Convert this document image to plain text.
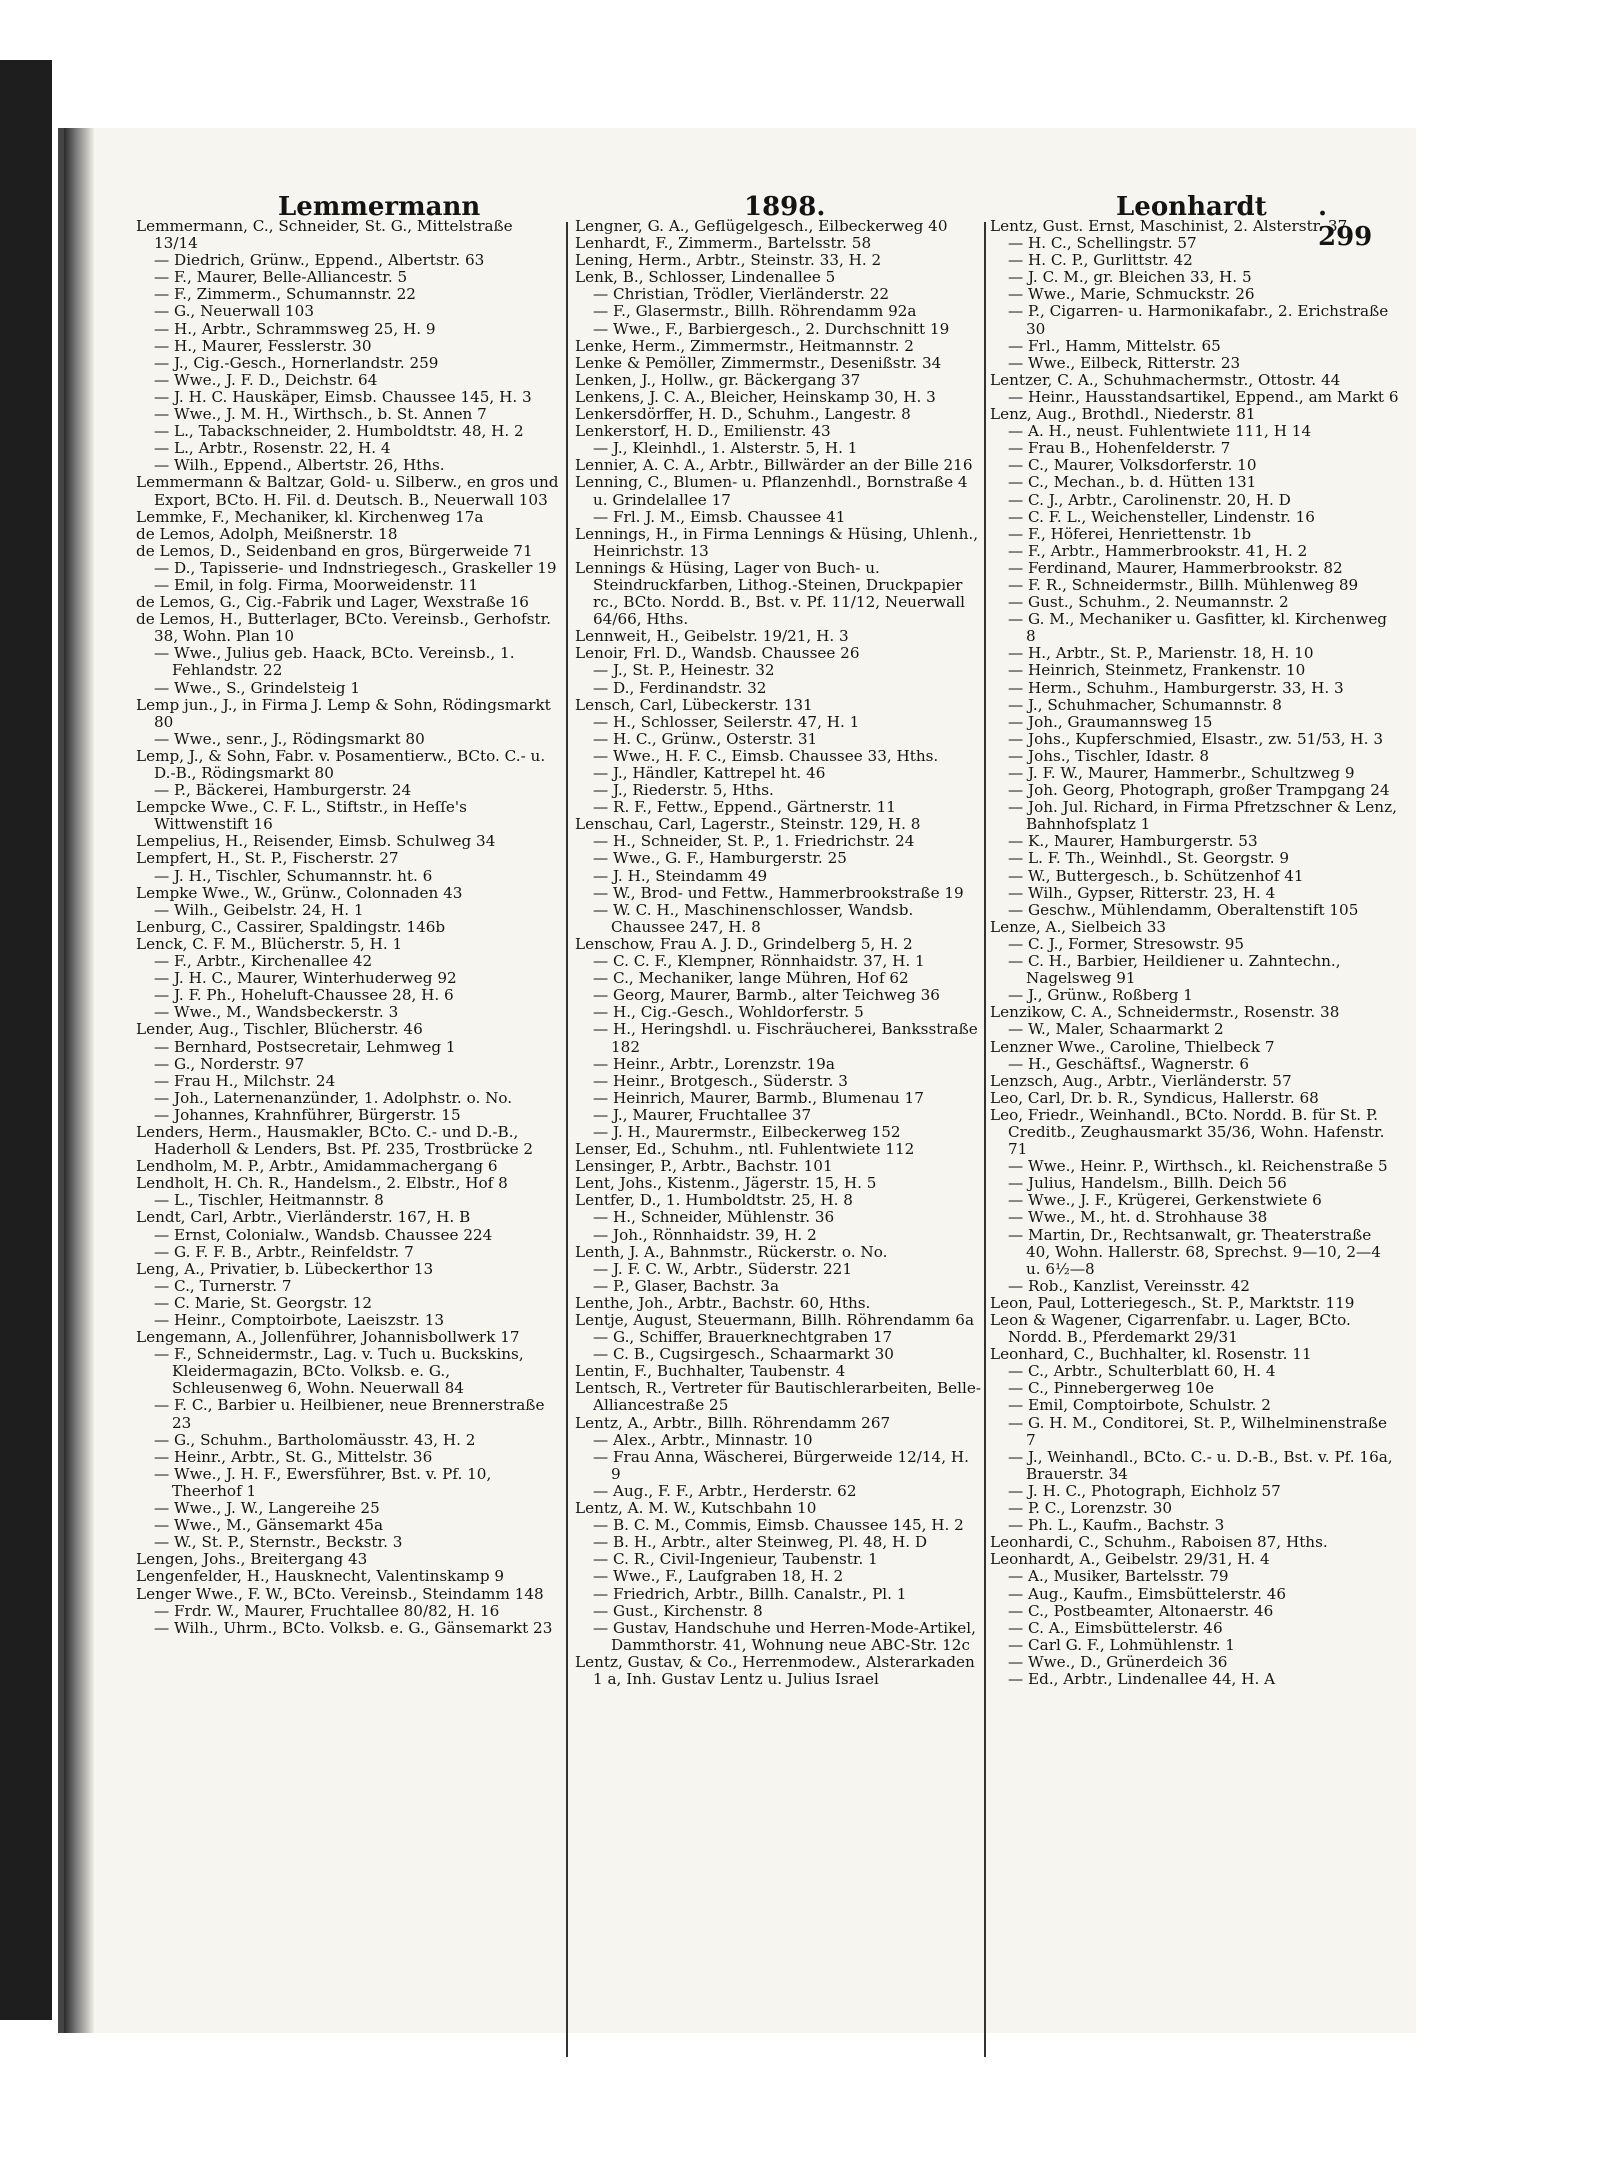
Lemmermann	1898.	Leonhardt . 299
Lemmermann, C., Schneider, St. G., Mittelstraße 13/14
— Diedrich, Grünw., Eppend., Albertstr. 63
— F., Maurer, Belle-Alliancestr. 5
— F., Zimmerm., Schumannstr. 22
— G., Neuerwall 103
— H., Arbtr., Schrammsweg 25, H. 9
— H., Maurer, Fesslerstr. 30
— J., Cig.-Gesch., Hornerlandstr. 259
— Wwe., J. F. D., Deichstr. 64
— J. H. C. Hauskäper, Eimsb. Chaussee 145, H. 3
— Wwe., J. M. H., Wirthsch., b. St. Annen 7
— L., Tabackschneider, 2. Humboldtstr. 48, H. 2
— L., Arbtr., Rosenstr. 22, H. 4
— Wilh., Eppend., Albertstr. 26, Hths.
Lemmermann & Baltzar, Gold- u. Silberw., en gros und Export, BCto. H. Fil. d. Deutsch. B., Neuerwall 103
Lemmke, F., Mechaniker, kl. Kirchenweg 17a
de Lemos, Adolph, Meißnerstr. 18
de Lemos, D., Seidenband en gros, Bürgerweide 71
— D., Tapisserie- und Indnstriegesch., Graskeller 19
— Emil, in folg. Firma, Moorweidenstr. 11
de Lemos, G., Cig.-Fabrik und Lager, Wexstraße 16
de Lemos, H., Butterlager, BCto. Vereinsb., Gerhofstr. 38, Wohn. Plan 10
— Wwe., Julius geb. Haack, BCto. Vereinsb., 1. Fehlandstr. 22
— Wwe., S., Grindelsteig 1
Lemp jun., J., in Firma J. Lemp & Sohn, Rödingsmarkt 80
— Wwe., senr., J., Rödingsmarkt 80
Lemp, J., & Sohn, Fabr. v. Posamentierw., BCto. C.- u. D.-B., Rödingsmarkt 80
— P., Bäckerei, Hamburgerstr. 24
Lempcke Wwe., C. F. L., Stiftstr., in Heſſe's Wittwenstift 16
Lempelius, H., Reisender, Eimsb. Schulweg 34
Lempfert, H., St. P., Fischerstr. 27
— J. H., Tischler, Schumannstr. ht. 6
Lempke Wwe., W., Grünw., Colonnaden 43
— Wilh., Geibelstr. 24, H. 1
Lenburg, C., Cassirer, Spaldingstr. 146b
Lenck, C. F. M., Blücherstr. 5, H. 1
— F., Arbtr., Kirchenallee 42
— J. H. C., Maurer, Winterhuderweg 92
— J. F. Ph., Hoheluft-Chaussee 28, H. 6
— Wwe., M., Wandsbeckerstr. 3
Lender, Aug., Tischler, Blücherstr. 46
— Bernhard, Postsecretair, Lehmweg 1
— G., Norderstr. 97
— Frau H., Milchstr. 24
— Joh., Laternenanzünder, 1. Adolphstr. o. No.
— Johannes, Krahnführer, Bürgerstr. 15
Lenders, Herm., Hausmakler, BCto. C.- und D.-B., Haderholl & Lenders, Bst. Pf. 235, Trostbrücke 2
Lendholm, M. P., Arbtr., Amidammachergang 6
Lendholt, H. Ch. R., Handelsm., 2. Elbstr., Hof 8
— L., Tischler, Heitmannstr. 8
Lendt, Carl, Arbtr., Vierländerstr. 167, H. B
— Ernst, Colonialw., Wandsb. Chaussee 224
— G. F. F. B., Arbtr., Reinfeldstr. 7
Leng, A., Privatier, b. Lübeckerthor 13
— C., Turnerstr. 7
— C. Marie, St. Georgstr. 12
— Heinr., Comptoirbote, Laeiszstr. 13
Lengemann, A., Jollenführer, Johannisbollwerk 17
— F., Schneidermstr., Lag. v. Tuch u. Buckskins, Kleidermagazin, BCto. Volksb. e. G., Schleusenweg 6, Wohn. Neuerwall 84
— F. C., Barbier u. Heilbiener, neue Brennerstraße 23
— G., Schuhm., Bartholomäusstr. 43, H. 2
— Heinr., Arbtr., St. G., Mittelstr. 36
— Wwe., J. H. F., Ewersführer, Bst. v. Pf. 10, Theerhof 1
— Wwe., J. W., Langereihe 25
— Wwe., M., Gänsemarkt 45a
— W., St. P., Sternstr., Beckstr. 3
Lengen, Johs., Breitergang 43
Lengenfelder, H., Hausknecht, Valentinskamp 9
Lenger Wwe., F. W., BCto. Vereinsb., Steindamm 148
— Frdr. W., Maurer, Fruchtallee 80/82, H. 16
— Wilh., Uhrm., BCto. Volksb. e. G., Gänsemarkt 23
Lengner, G. A., Geflügelgesch., Eilbeckerweg 40
Lenhardt, F., Zimmerm., Bartelsstr. 58
Lening, Herm., Arbtr., Steinstr. 33, H. 2
Lenk, B., Schlosser, Lindenallee 5
— Christian, Trödler, Vierländerstr. 22
— F., Glasermstr., Billh. Röhrendamm 92a
— Wwe., F., Barbiergesch., 2. Durchschnitt 19
Lenke, Herm., Zimmermstr., Heitmannstr. 2
Lenke & Pemöller, Zimmermstr., Desenißstr. 34
Lenken, J., Hollw., gr. Bäckergang 37
Lenkens, J. C. A., Bleicher, Heinskamp 30, H. 3
Lenkersdörffer, H. D., Schuhm., Langestr. 8
Lenkerstorf, H. D., Emilienstr. 43
— J., Kleinhdl., 1. Alsterstr. 5, H. 1
Lennier, A. C. A., Arbtr., Billwärder an der Bille 216
Lenning, C., Blumen- u. Pflanzenhdl., Bornstraße 4 u. Grindelallee 17
— Frl. J. M., Eimsb. Chaussee 41
Lennings, H., in Firma Lennings & Hüsing, Uhlenh., Heinrichstr. 13
Lennings & Hüsing, Lager von Buch- u. Steindruckfarben, Lithog.-Steinen, Druckpapier rc., BCto. Nordd. B., Bst. v. Pf. 11/12, Neuerwall 64/66, Hths.
Lennweit, H., Geibelstr. 19/21, H. 3
Lenoir, Frl. D., Wandsb. Chaussee 26
— J., St. P., Heinestr. 32
— D., Ferdinandstr. 32
Lensch, Carl, Lübeckerstr. 131
— H., Schlosser, Seilerstr. 47, H. 1
— H. C., Grünw., Osterstr. 31
— Wwe., H. F. C., Eimsb. Chaussee 33, Hths.
— J., Händler, Kattrepel ht. 46
— J., Riederstr. 5, Hths.
— R. F., Fettw., Eppend., Gärtnerstr. 11
Lenschau, Carl, Lagerstr., Steinstr. 129, H. 8
— H., Schneider, St. P., 1. Friedrichstr. 24
— Wwe., G. F., Hamburgerstr. 25
— J. H., Steindamm 49
— W., Brod- und Fettw., Hammerbrookstraße 19
— W. C. H., Maschinenschlosser, Wandsb. Chaussee 247, H. 8
Lenschow, Frau A. J. D., Grindelberg 5, H. 2
— C. C. F., Klempner, Rönnhaidstr. 37, H. 1
— C., Mechaniker, lange Mühren, Hof 62
— Georg, Maurer, Barmb., alter Teichweg 36
— H., Cig.-Gesch., Wohldorferstr. 5
— H., Heringshdl. u. Fischräucherei, Banksstraße 182
— Heinr., Arbtr., Lorenzstr. 19a
— Heinr., Brotgesch., Süderstr. 3
— Heinrich, Maurer, Barmb., Blumenau 17
— J., Maurer, Fruchtallee 37
— J. H., Maurermstr., Eilbeckerweg 152
Lenser, Ed., Schuhm., ntl. Fuhlentwiete 112
Lensinger, P., Arbtr., Bachstr. 101
Lent, Johs., Kistenm., Jägerstr. 15, H. 5
Lentfer, D., 1. Humboldtstr. 25, H. 8
— H., Schneider, Mühlenstr. 36
— Joh., Rönnhaidstr. 39, H. 2
Lenth, J. A., Bahnmstr., Rückerstr. o. No.
— J. F. C. W., Arbtr., Süderstr. 221
— P., Glaser, Bachstr. 3a
Lenthe, Joh., Arbtr., Bachstr. 60, Hths.
Lentje, August, Steuermann, Billh. Röhrendamm 6a
— G., Schiffer, Brauerknechtgraben 17
— C. B., Cugsirgesch., Schaarmarkt 30
Lentin, F., Buchhalter, Taubenstr. 4
Lentsch, R., Vertreter für Bautischlerarbeiten, Belle-Alliancestraße 25
Lentz, A., Arbtr., Billh. Röhrendamm 267
— Alex., Arbtr., Minnastr. 10
— Frau Anna, Wäscherei, Bürgerweide 12/14, H. 9
— Aug., F. F., Arbtr., Herderstr. 62
Lentz, A. M. W., Kutschbahn 10
— B. C. M., Commis, Eimsb. Chaussee 145, H. 2
— B. H., Arbtr., alter Steinweg, Pl. 48, H. D
— C. R., Civil-Ingenieur, Taubenstr. 1
— Wwe., F., Laufgraben 18, H. 2
— Friedrich, Arbtr., Billh. Canalstr., Pl. 1
— Gust., Kirchenstr. 8
— Gustav, Handschuhe und Herren-Mode-Artikel, Dammthorstr. 41, Wohnung neue ABC-Str. 12c
Lentz, Gustav, & Co., Herrenmodew., Alsterarkaden 1 a, Inh. Gustav Lentz u. Julius Israel
Lentz, Gust. Ernst, Maschinist, 2. Alsterstr. 37
— H. C., Schellingstr. 57
— H. C. P., Gurlittstr. 42
— J. C. M., gr. Bleichen 33, H. 5
— Wwe., Marie, Schmuckstr. 26
— P., Cigarren- u. Harmonikafabr., 2. Erichstraße 30
— Frl., Hamm, Mittelstr. 65
— Wwe., Eilbeck, Ritterstr. 23
Lentzer, C. A., Schuhmachermstr., Ottostr. 44
— Heinr., Hausstandsartikel, Eppend., am Markt 6
Lenz, Aug., Brothdl., Niederstr. 81
— A. H., neust. Fuhlentwiete 111, H 14
— Frau B., Hohenfelderstr. 7
— C., Maurer, Volksdorferstr. 10
— C., Mechan., b. d. Hütten 131
— C. J., Arbtr., Carolinenstr. 20, H. D
— C. F. L., Weichensteller, Lindenstr. 16
— F., Höferei, Henriettenstr. 1b
— F., Arbtr., Hammerbrookstr. 41, H. 2
— Ferdinand, Maurer, Hammerbrookstr. 82
— F. R., Schneidermstr., Billh. Mühlenweg 89
— Gust., Schuhm., 2. Neumannstr. 2
— G. M., Mechaniker u. Gasfitter, kl. Kirchenweg 8
— H., Arbtr., St. P., Marienstr. 18, H. 10
— Heinrich, Steinmetz, Frankenstr. 10
— Herm., Schuhm., Hamburgerstr. 33, H. 3
— J., Schuhmacher, Schumannstr. 8
— Joh., Graumannsweg 15
— Johs., Kupferschmied, Elsastr., zw. 51/53, H. 3
— Johs., Tischler, Idastr. 8
— J. F. W., Maurer, Hammerbr., Schultzweg 9
— Joh. Georg, Photograph, großer Trampgang 24
— Joh. Jul. Richard, in Firma Pfretzschner & Lenz, Bahnhofsplatz 1
— K., Maurer, Hamburgerstr. 53
— L. F. Th., Weinhdl., St. Georgstr. 9
— W., Buttergesch., b. Schützenhof 41
— Wilh., Gypser, Ritterstr. 23, H. 4
— Geschw., Mühlendamm, Oberaltenstift 105
Lenze, A., Sielbeich 33
— C. J., Former, Stresowstr. 95
— C. H., Barbier, Heildiener u. Zahntechn., Nagelsweg 91
— J., Grünw., Roßberg 1
Lenzikow, C. A., Schneidermstr., Rosenstr. 38
— W., Maler, Schaarmarkt 2
Lenzner Wwe., Caroline, Thielbeck 7
— H., Geschäftsf., Wagnerstr. 6
Lenzsch, Aug., Arbtr., Vierländerstr. 57
Leo, Carl, Dr. b. R., Syndicus, Hallerstr. 68
Leo, Friedr., Weinhandl., BCto. Nordd. B. für St. P. Creditb., Zeughausmarkt 35/36, Wohn. Hafenstr. 71
— Wwe., Heinr. P., Wirthsch., kl. Reichenstraße 5
— Julius, Handelsm., Billh. Deich 56
— Wwe., J. F., Krügerei, Gerkenstwiete 6
— Wwe., M., ht. d. Strohhause 38
— Martin, Dr., Rechtsanwalt, gr. Theaterstraße 40, Wohn. Hallerstr. 68, Sprechst. 9—10, 2—4 u. 6½—8
— Rob., Kanzlist, Vereinsstr. 42
Leon, Paul, Lotteriegesch., St. P., Marktstr. 119
Leon & Wagener, Cigarrenfabr. u. Lager, BCto. Nordd. B., Pferdemarkt 29/31
Leonhard, C., Buchhalter, kl. Rosenstr. 11
— C., Arbtr., Schulterblatt 60, H. 4
— C., Pinnebergerweg 10e
— Emil, Comptoirbote, Schulstr. 2
— G. H. M., Conditorei, St. P., Wilhelminenstraße 7
— J., Weinhandl., BCto. C.- u. D.-B., Bst. v. Pf. 16a, Brauerstr. 34
— J. H. C., Photograph, Eichholz 57
— P. C., Lorenzstr. 30
— Ph. L., Kaufm., Bachstr. 3
Leonhardi, C., Schuhm., Raboisen 87, Hths.
Leonhardt, A., Geibelstr. 29/31, H. 4
— A., Musiker, Bartelsstr. 79
— Aug., Kaufm., Eimsbüttelerstr. 46
— C., Postbeamter, Altonaerstr. 46
— C. A., Eimsbüttelerstr. 46
— Carl G. F., Lohmühlenstr. 1
— Wwe., D., Grünerdeich 36
— Ed., Arbtr., Lindenallee 44, H. A
